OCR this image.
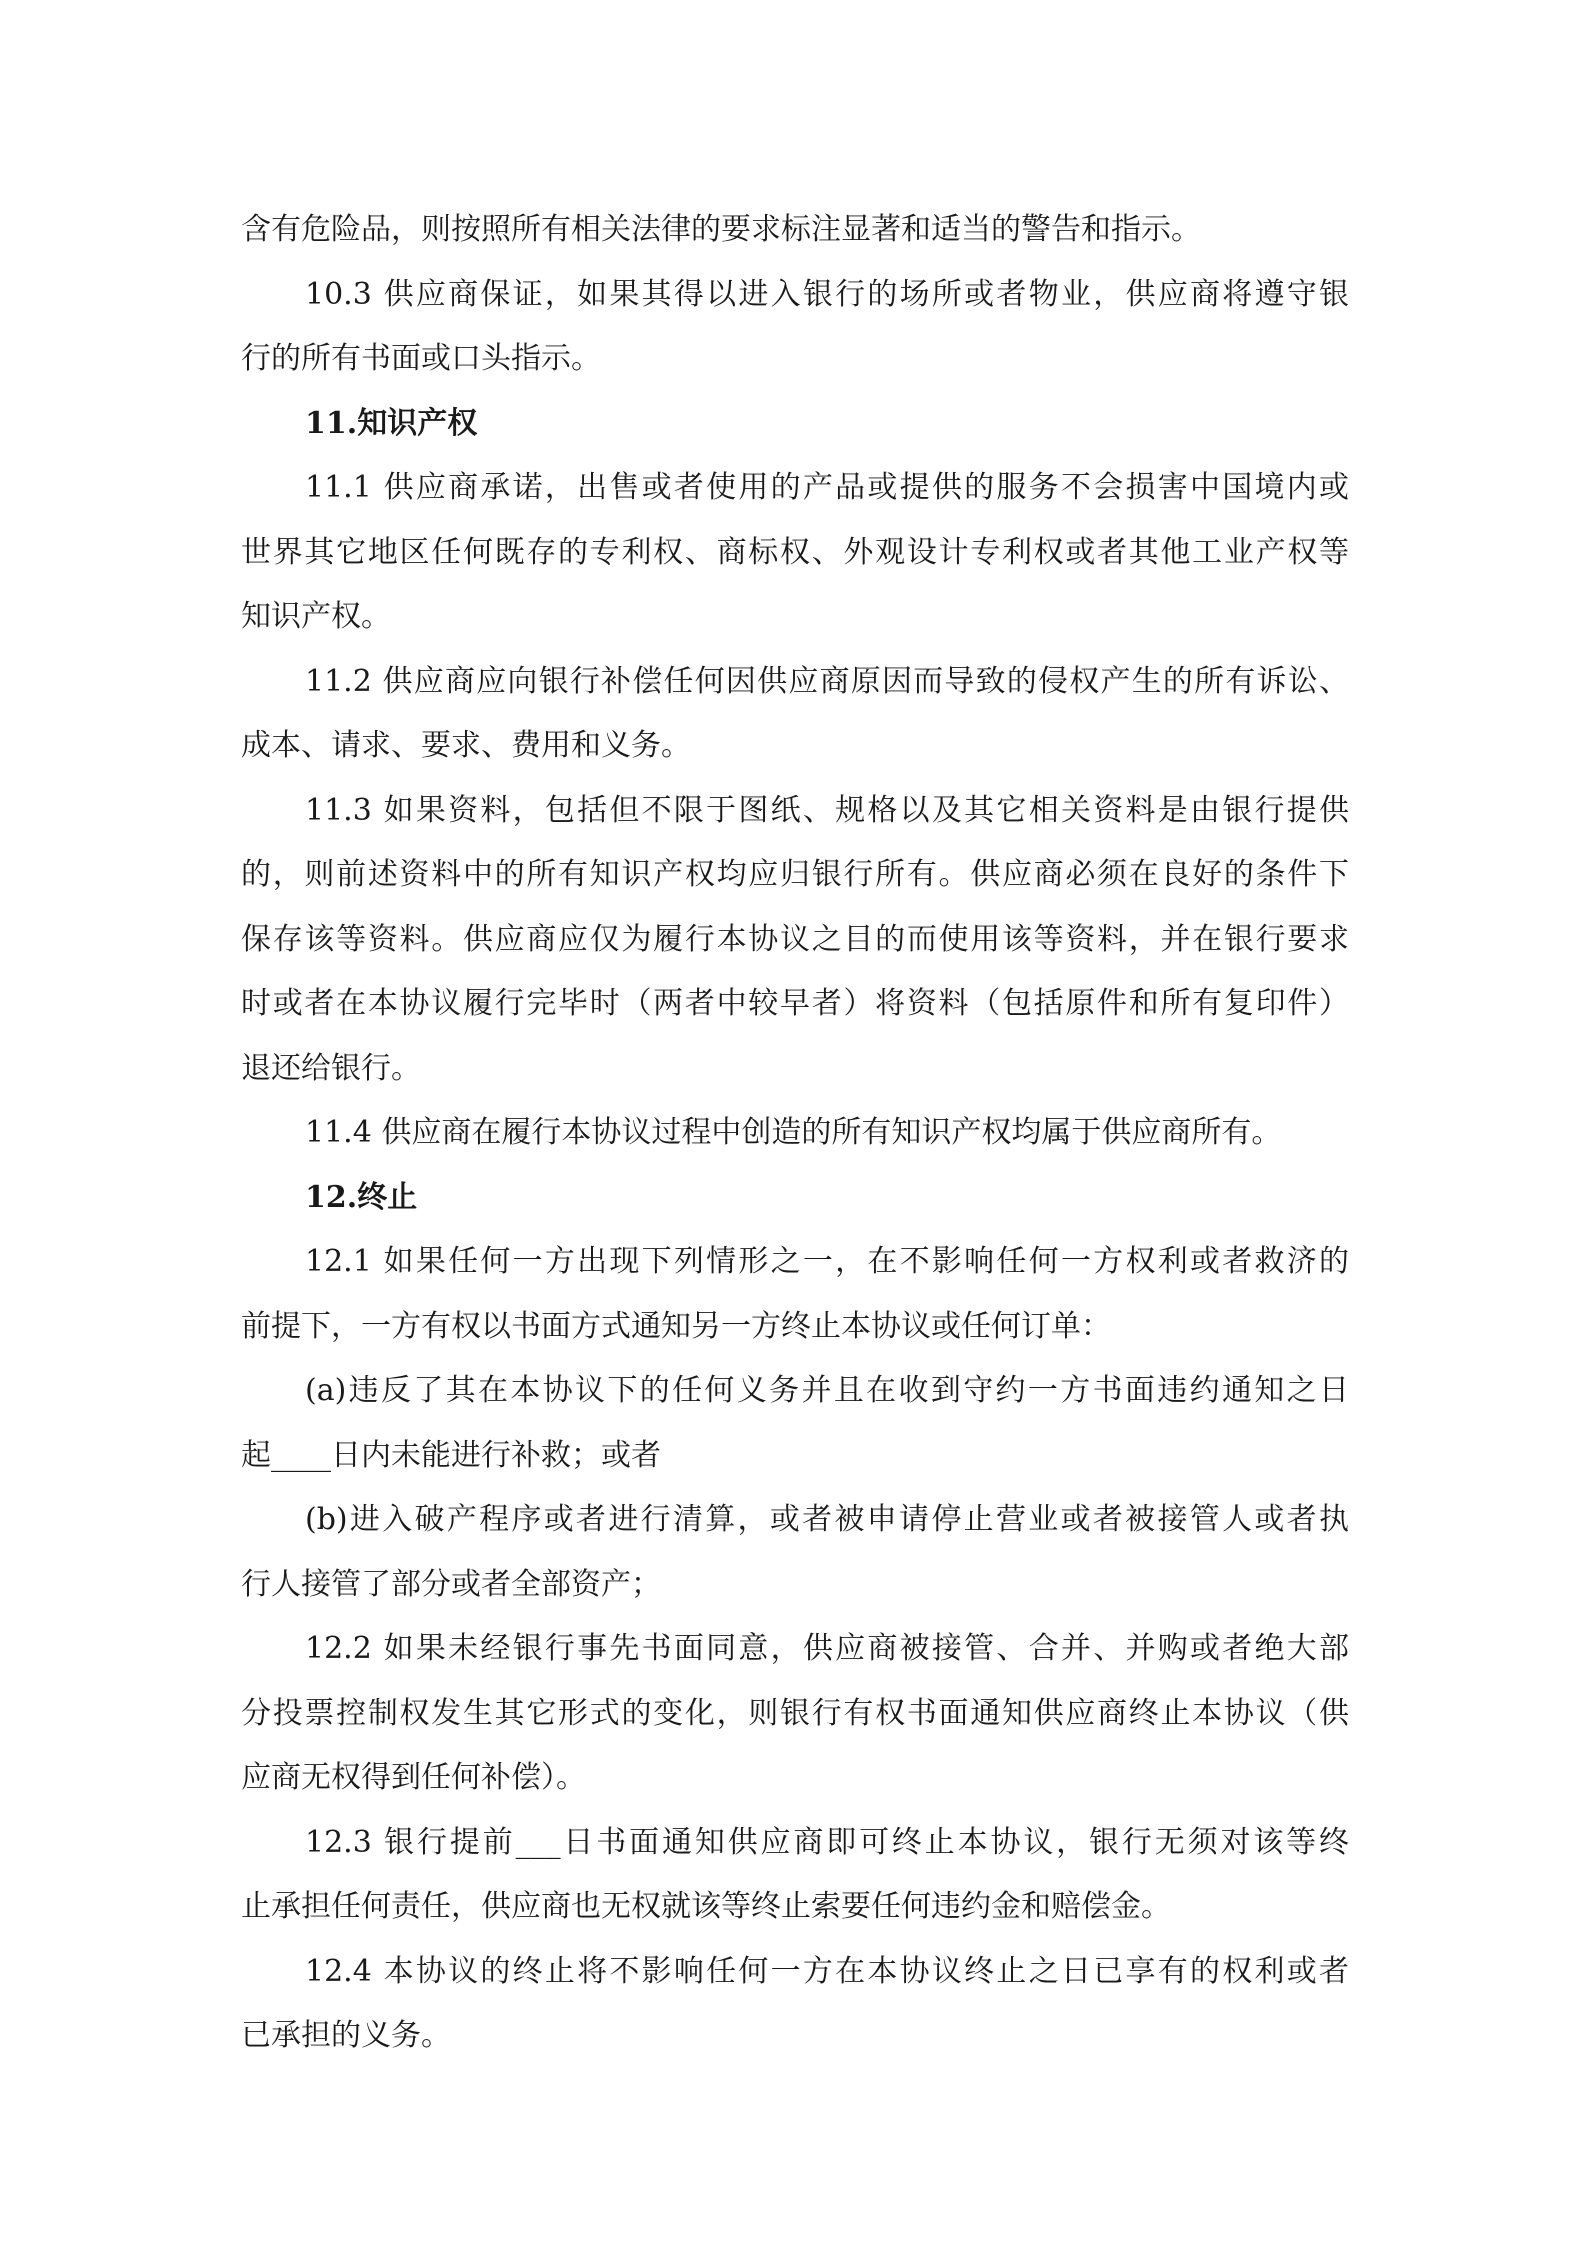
含有危险品，则按照所有相关法律的要求标注显著和适当的警告和指示。
10.3 供应商保证，如果其得以进入银行的场所或者物业，供应商将遵守银
行的所有书面或口头指示。
11.知识产权
11.1 供应商承诺，出售或者使用的产品或提供的服务不会损害中国境内或
世界其它地区任何既存的专利权、商标权、外观设计专利权或者其他工业产权等
知识产权。
11.2 供应商应向银行补偿任何因供应商原因而导致的侵权产生的所有诉讼、
成本、请求、要求、费用和义务。
11.3 如果资料，包括但不限于图纸、规格以及其它相关资料是由银行提供
的，则前述资料中的所有知识产权均应归银行所有。供应商必须在良好的条件下
保存该等资料。供应商应仅为履行本协议之目的而使用该等资料，并在银行要求
时或者在本协议履行完毕时（两者中较早者）将资料（包括原件和所有复印件）
退还给银行。
11.4 供应商在履行本协议过程中创造的所有知识产权均属于供应商所有。
12.终止
12.1 如果任何一方出现下列情形之一，在不影响任何一方权利或者救济的
前提下，一方有权以书面方式通知另一方终止本协议或任何订单：
(a)违反了其在本协议下的任何义务并且在收到守约一方书面违约通知之日
起____日内未能进行补救；或者
(b)进入破产程序或者进行清算，或者被申请停止营业或者被接管人或者执
行人接管了部分或者全部资产；
12.2 如果未经银行事先书面同意，供应商被接管、合并、并购或者绝大部
分投票控制权发生其它形式的变化，则银行有权书面通知供应商终止本协议（供
应商无权得到任何补偿）。
12.3 银行提前___日书面通知供应商即可终止本协议，银行无须对该等终
止承担任何责任，供应商也无权就该等终止索要任何违约金和赔偿金。
12.4 本协议的终止将不影响任何一方在本协议终止之日已享有的权利或者
已承担的义务。
